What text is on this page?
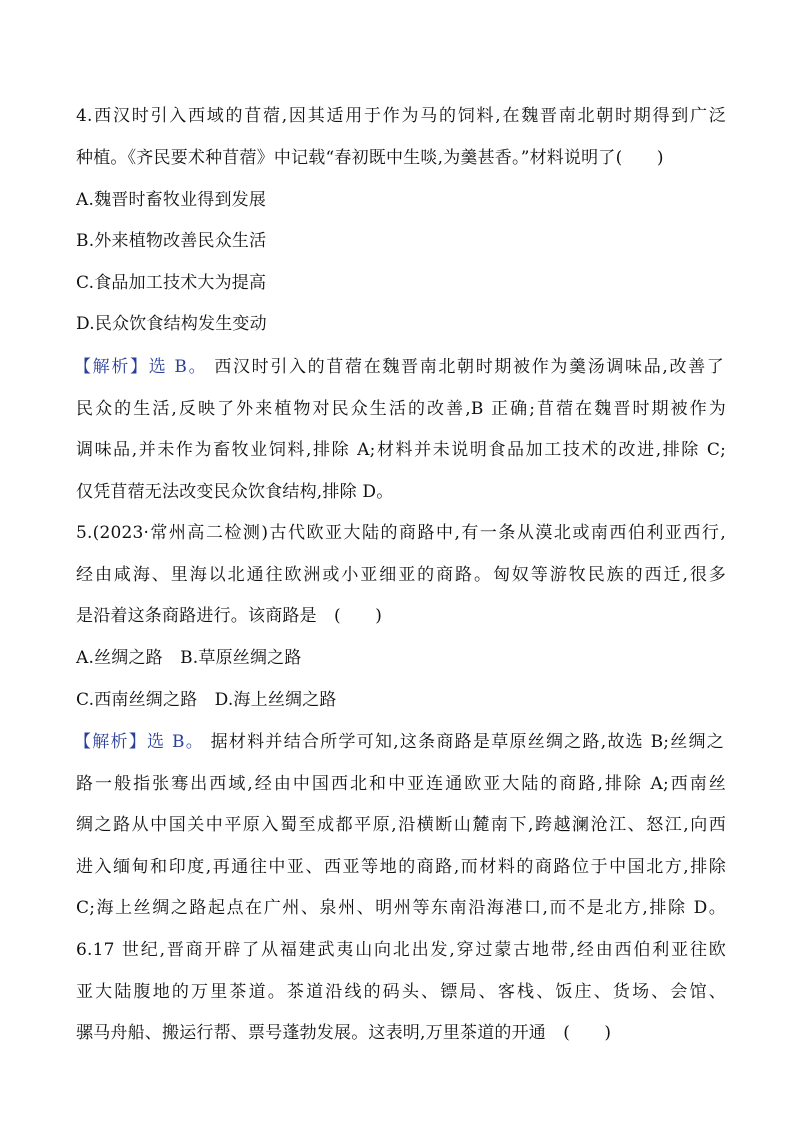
4.西汉时引入西域的苜蓿,因其适用于作为马的饲料,在魏晋南北朝时期得到广泛
种植。《齐民要术种苜蓿》中记载“春初既中生啖,为羹甚香。”材料说明了(　　)
A.魏晋时畜牧业得到发展
B.外来植物改善民众生活
C.食品加工技术大为提高
D.民众饮食结构发生变动
【解析】选 B。 西汉时引入的苜蓿在魏晋南北朝时期被作为羹汤调味品,改善了
民众的生活,反映了外来植物对民众生活的改善,B 正确;苜蓿在魏晋时期被作为
调味品,并未作为畜牧业饲料,排除 A;材料并未说明食品加工技术的改进,排除 C;
仅凭苜蓿无法改变民众饮食结构,排除 D。
5.(2023·常州高二检测)古代欧亚大陆的商路中,有一条从漠北或南西伯利亚西行,
经由咸海、里海以北通往欧洲或小亚细亚的商路。匈奴等游牧民族的西迁,很多
是沿着这条商路进行。该商路是　(　　)
A.丝绸之路　B.草原丝绸之路
C.西南丝绸之路　D.海上丝绸之路
【解析】选 B。 据材料并结合所学可知,这条商路是草原丝绸之路,故选 B;丝绸之
路一般指张骞出西域,经由中国西北和中亚连通欧亚大陆的商路,排除 A;西南丝
绸之路从中国关中平原入蜀至成都平原,沿横断山麓南下,跨越澜沧江、怒江,向西
进入缅甸和印度,再通往中亚、西亚等地的商路,而材料的商路位于中国北方,排除
C;海上丝绸之路起点在广州、泉州、明州等东南沿海港口,而不是北方,排除 D。
6.17 世纪,晋商开辟了从福建武夷山向北出发,穿过蒙古地带,经由西伯利亚往欧
亚大陆腹地的万里茶道。茶道沿线的码头、镖局、客栈、饭庄、货场、会馆、
骡马舟船、搬运行帮、票号蓬勃发展。这表明,万里茶道的开通　(　　)
